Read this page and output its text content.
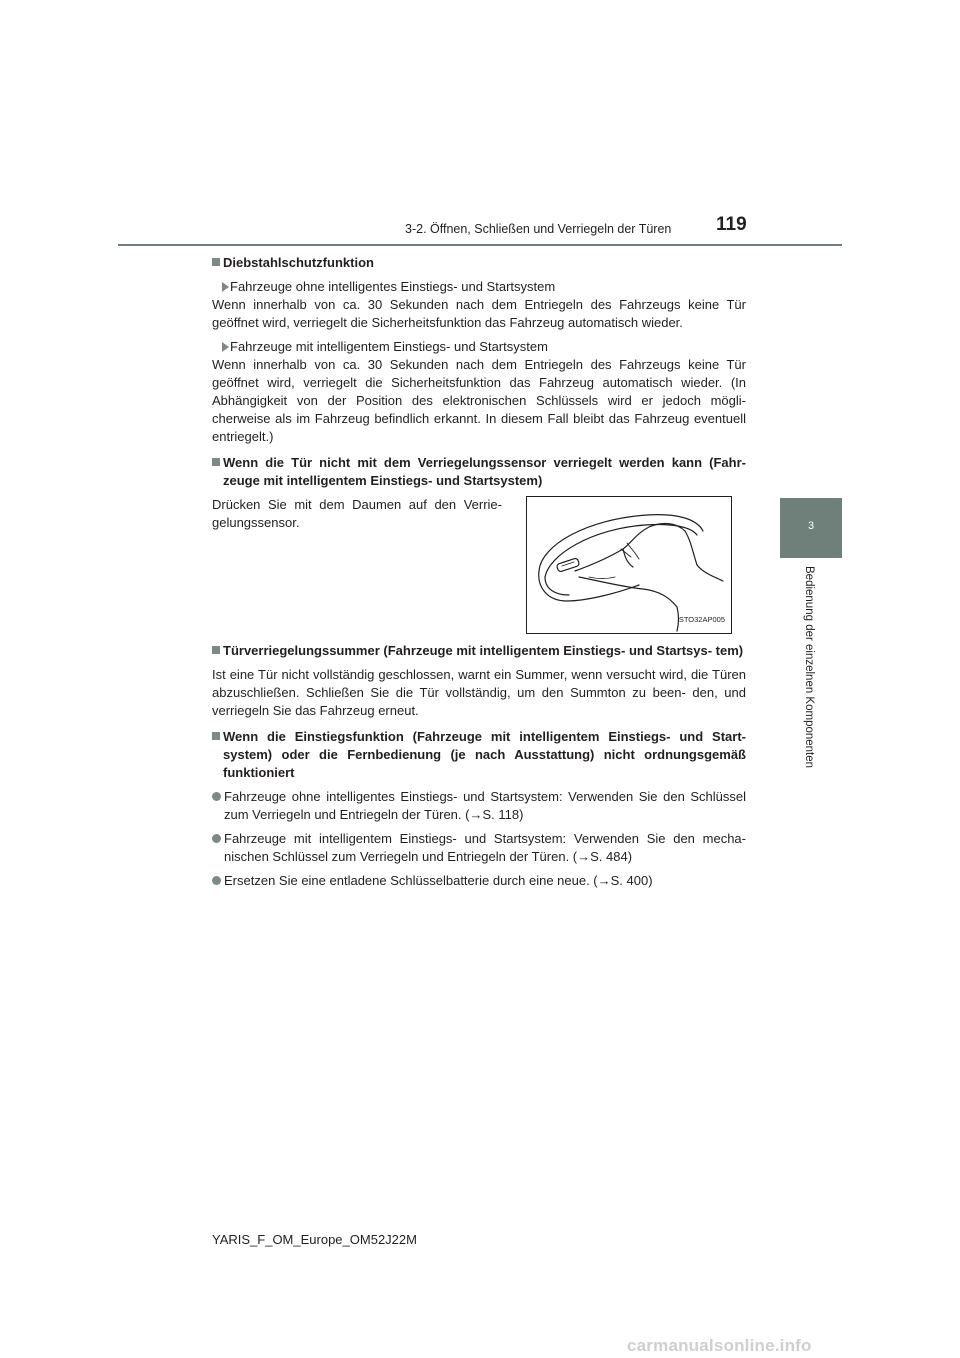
3-2. Öffnen, Schließen und Verriegeln der Türen 119
3
Bedienung der einzelnen Komponenten
Diebstahlschutzfunktion
Fahrzeuge ohne intelligentes Einstiegs- und Startsystem

Wenn innerhalb von ca. 30 Sekunden nach dem Entriegeln des Fahrzeugs keine Tür geöffnet wird, verriegelt die Sicherheitsfunktion das Fahrzeug automatisch wieder.

Fahrzeuge mit intelligentem Einstiegs- und Startsystem

Wenn innerhalb von ca. 30 Sekunden nach dem Entriegeln des Fahrzeugs keine Tür geöffnet wird, verriegelt die Sicherheitsfunktion das Fahrzeug automatisch wieder. (In Abhängigkeit von der Position des elektronischen Schlüssels wird er jedoch mögli- cherweise als im Fahrzeug befindlich erkannt. In diesem Fall bleibt das Fahrzeug eventuell entriegelt.)

Wenn die Tür nicht mit dem Verriegelungssensor verriegelt werden kann (Fahr- zeuge mit intelligentem Einstiegs- und Startsystem)

Drücken Sie mit dem Daumen auf den Verrie- gelungssensor.

STO32AP005
Türverriegelungssummer (Fahrzeuge mit intelligentem Einstiegs- und Startsys- tem)

Ist eine Tür nicht vollständig geschlossen, warnt ein Summer, wenn versucht wird, die Türen abzuschließen. Schließen Sie die Tür vollständig, um den Summton zu been- den, und verriegeln Sie das Fahrzeug erneut.

Wenn die Einstiegsfunktion (Fahrzeuge mit intelligentem Einstiegs- und Start- system) oder die Fernbedienung (je nach Ausstattung) nicht ordnungsgemäß funktioniert
Fahrzeuge ohne intelligentes Einstiegs- und Startsystem: Verwenden Sie den Schlüssel zum Verriegeln und Entriegeln der Türen. (→S. 118)
Fahrzeuge mit intelligentem Einstiegs- und Startsystem: Verwenden Sie den mecha- nischen Schlüssel zum Verriegeln und Entriegeln der Türen. (→S. 484)
Ersetzen Sie eine entladene Schlüsselbatterie durch eine neue. (→S. 400)
YARIS_F_OM_Europe_OM52J22M
carmanualsonline.info
